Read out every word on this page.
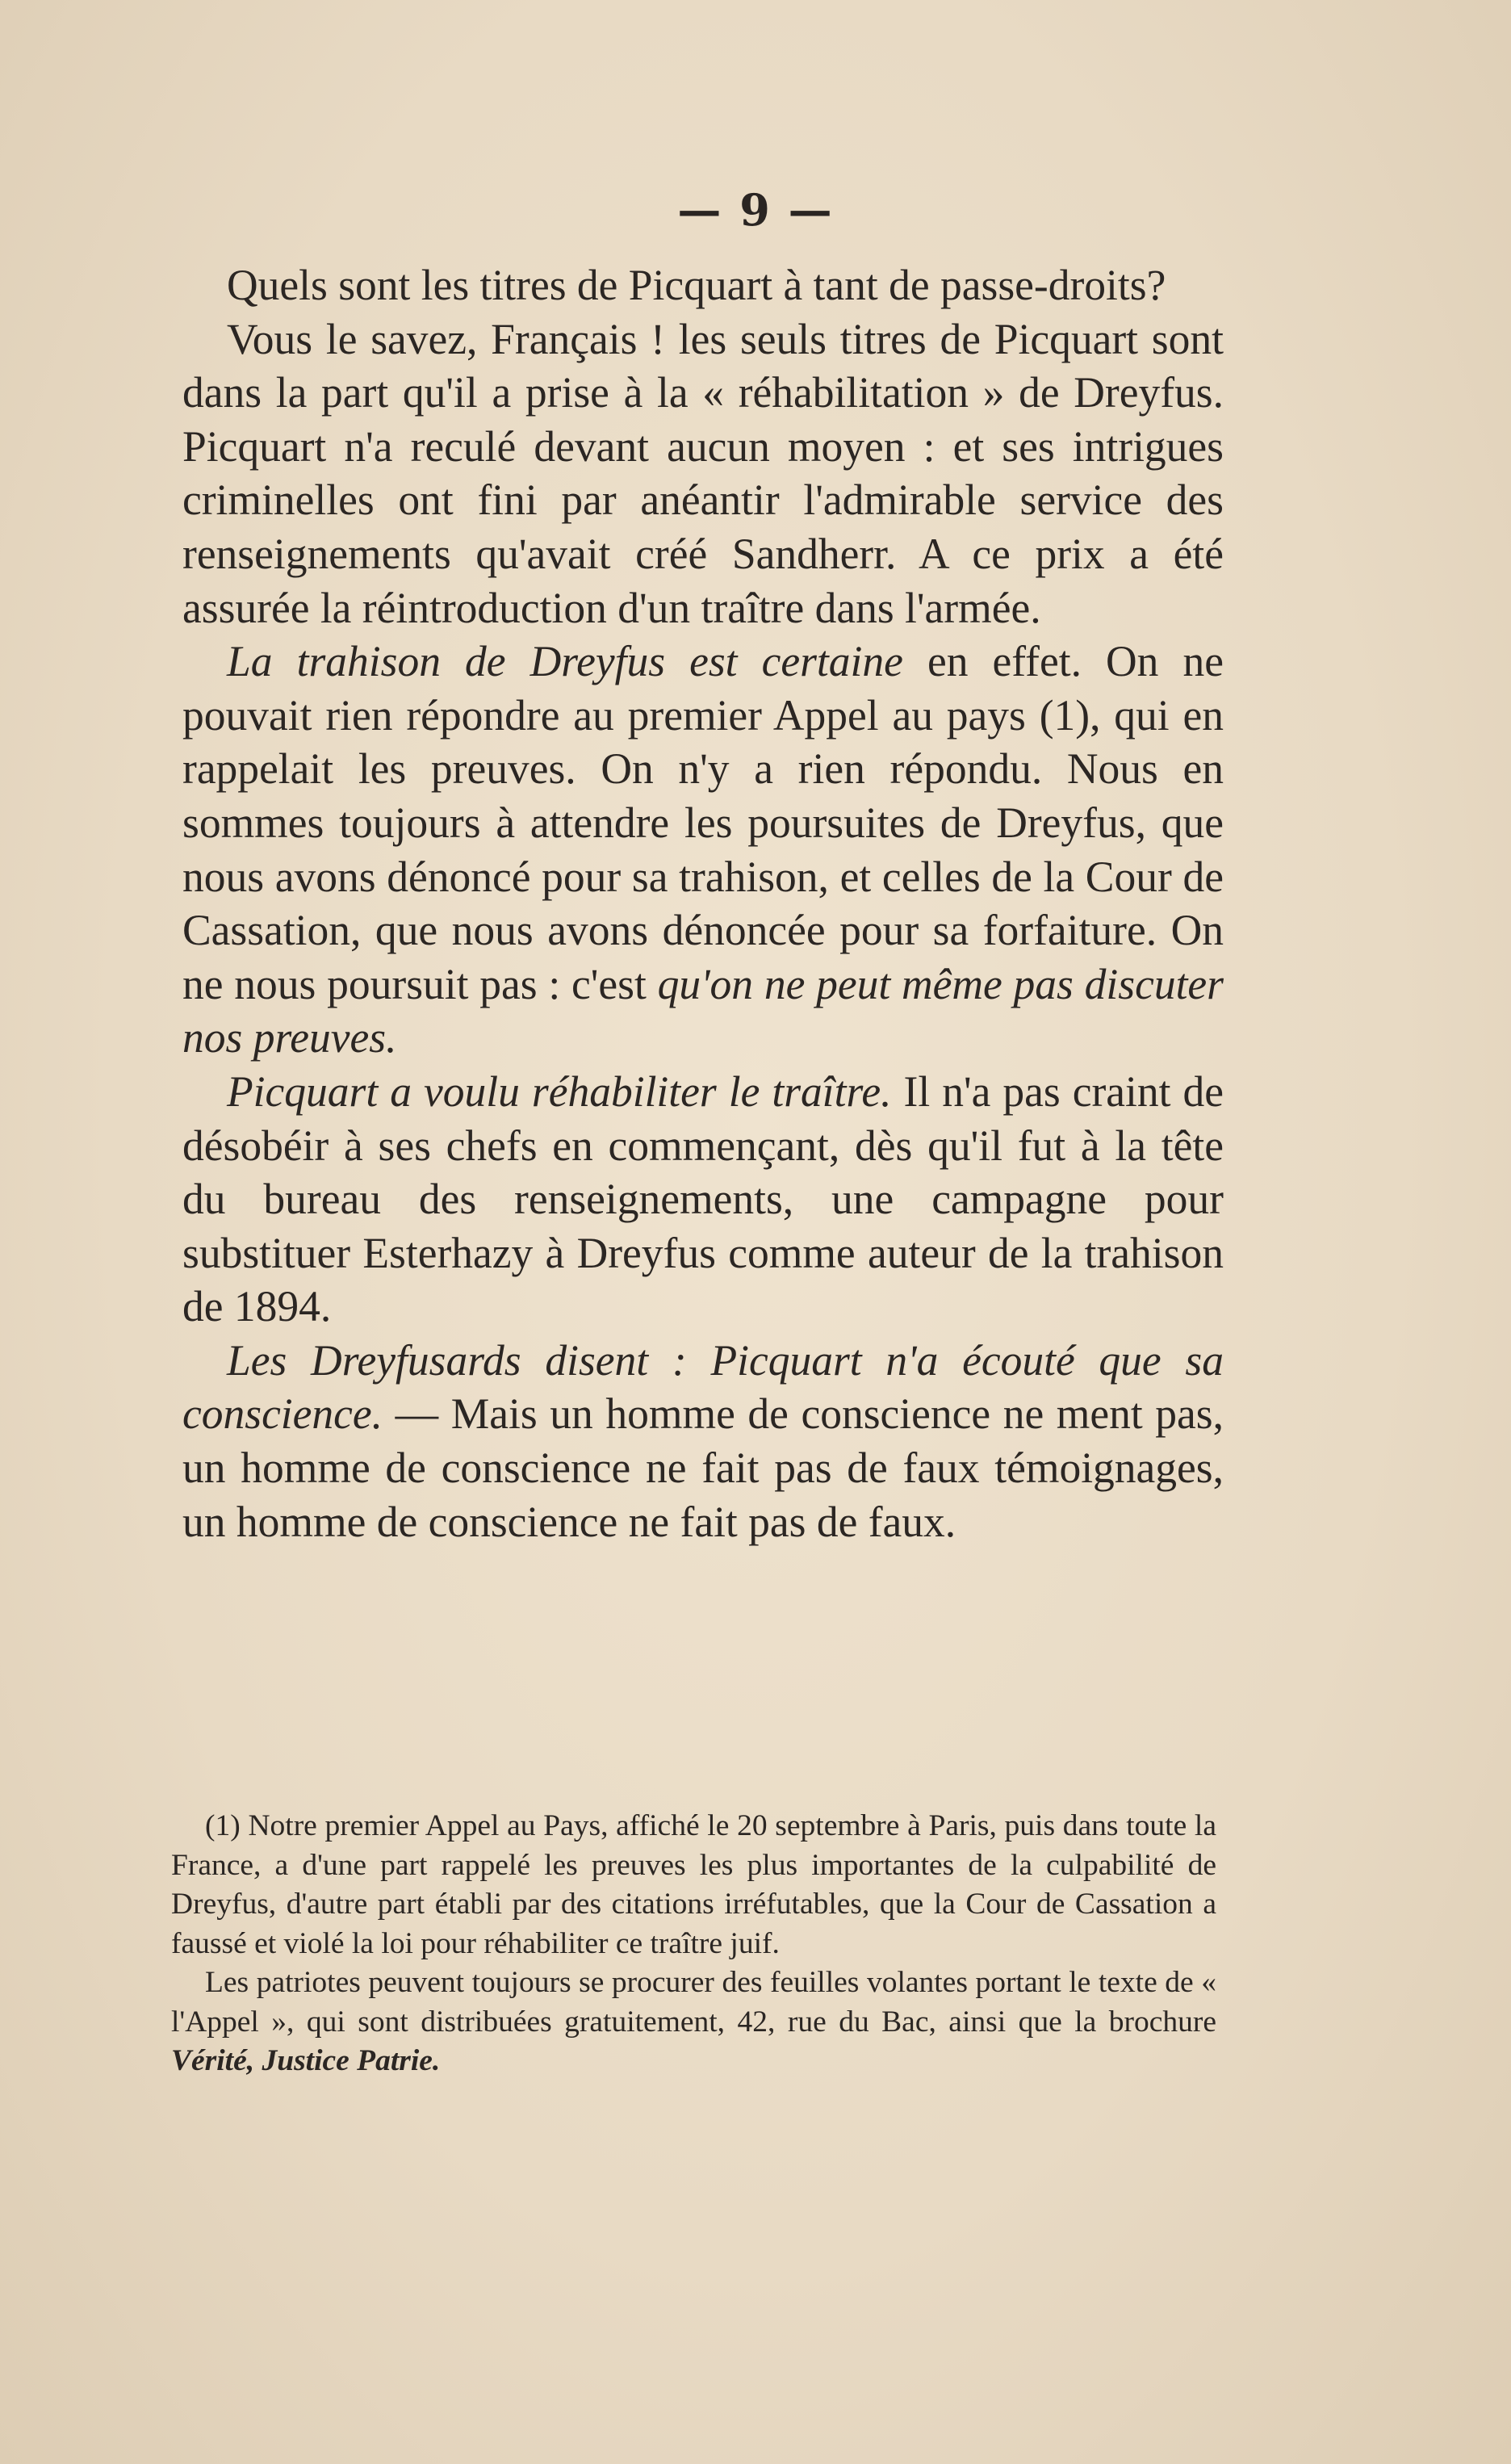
— 9 —

Quels sont les titres de Picquart à tant de passe-droits?

Vous le savez, Français ! les seuls titres de Picquart sont dans la part qu'il a prise à la « réhabilitation » de Dreyfus. Picquart n'a reculé devant aucun moyen : et ses intrigues criminelles ont fini par anéantir l'admirable service des renseignements qu'avait créé Sandherr. A ce prix a été assurée la réintroduction d'un traître dans l'armée.

La trahison de Dreyfus est certaine en effet. On ne pouvait rien répondre au premier Appel au pays (1), qui en rappelait les preuves. On n'y a rien répondu. Nous en sommes toujours à attendre les poursuites de Dreyfus, que nous avons dénoncé pour sa trahison, et celles de la Cour de Cassation, que nous avons dénoncée pour sa forfaiture. On ne nous poursuit pas : c'est qu'on ne peut même pas discuter nos preuves.

Picquart a voulu réhabiliter le traître. Il n'a pas craint de désobéir à ses chefs en commençant, dès qu'il fut à la tête du bureau des renseignements, une campagne pour substituer Esterhazy à Dreyfus comme auteur de la trahison de 1894.

Les Dreyfusards disent : Picquart n'a écouté que sa conscience. — Mais un homme de conscience ne ment pas, un homme de conscience ne fait pas de faux témoignages, un homme de conscience ne fait pas de faux.

(1) Notre premier Appel au Pays, affiché le 20 septembre à Paris, puis dans toute la France, a d'une part rappelé les preuves les plus importantes de la culpabilité de Dreyfus, d'autre part établi par des citations irréfutables, que la Cour de Cassation a faussé et violé la loi pour réhabiliter ce traître juif.

Les patriotes peuvent toujours se procurer des feuilles volantes portant le texte de « l'Appel », qui sont distribuées gratuitement, 42, rue du Bac, ainsi que la brochure Vérité, Justice Patrie.
